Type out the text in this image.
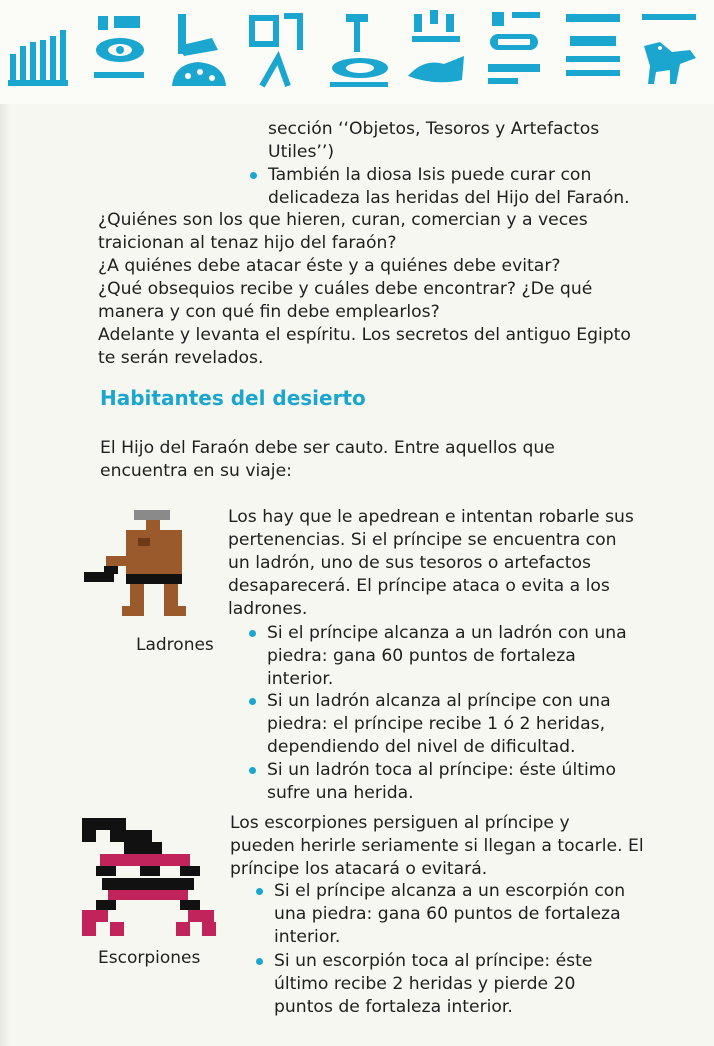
sección ‘‘Objetos, Tesoros y Artefactos
Utiles’’)
También la diosa Isis puede curar con
delicadeza las heridas del Hijo del Faraón.
¿Quiénes son los que hieren, curan, comercian y a veces
traicionan al tenaz hijo del faraón?
¿A quiénes debe atacar éste y a quiénes debe evitar?
¿Qué obsequios recibe y cuáles debe encontrar? ¿De qué
manera y con qué fin debe emplearlos?
Adelante y levanta el espíritu. Los secretos del antiguo Egipto
te serán revelados.
Habitantes del desierto
El Hijo del Faraón debe ser cauto. Entre aquellos que
encuentra en su viaje:
Ladrones
Los hay que le apedrean e intentan robarle sus
pertenencias. Si el príncipe se encuentra con
un ladrón, uno de sus tesoros o artefactos
desaparecerá. El príncipe ataca o evita a los
ladrones.
Si el príncipe alcanza a un ladrón con una
piedra: gana 60 puntos de fortaleza
interior.
Si un ladrón alcanza al príncipe con una
piedra: el príncipe recibe 1 ó 2 heridas,
dependiendo del nivel de dificultad.
Si un ladrón toca al príncipe: éste último
sufre una herida.
Escorpiones
Los escorpiones persiguen al príncipe y
pueden herirle seriamente si llegan a tocarle. El
príncipe los atacará o evitará.
Si el príncipe alcanza a un escorpión con
una piedra: gana 60 puntos de fortaleza
interior.
Si un escorpión toca al príncipe: éste
último recibe 2 heridas y pierde 20
puntos de fortaleza interior.
